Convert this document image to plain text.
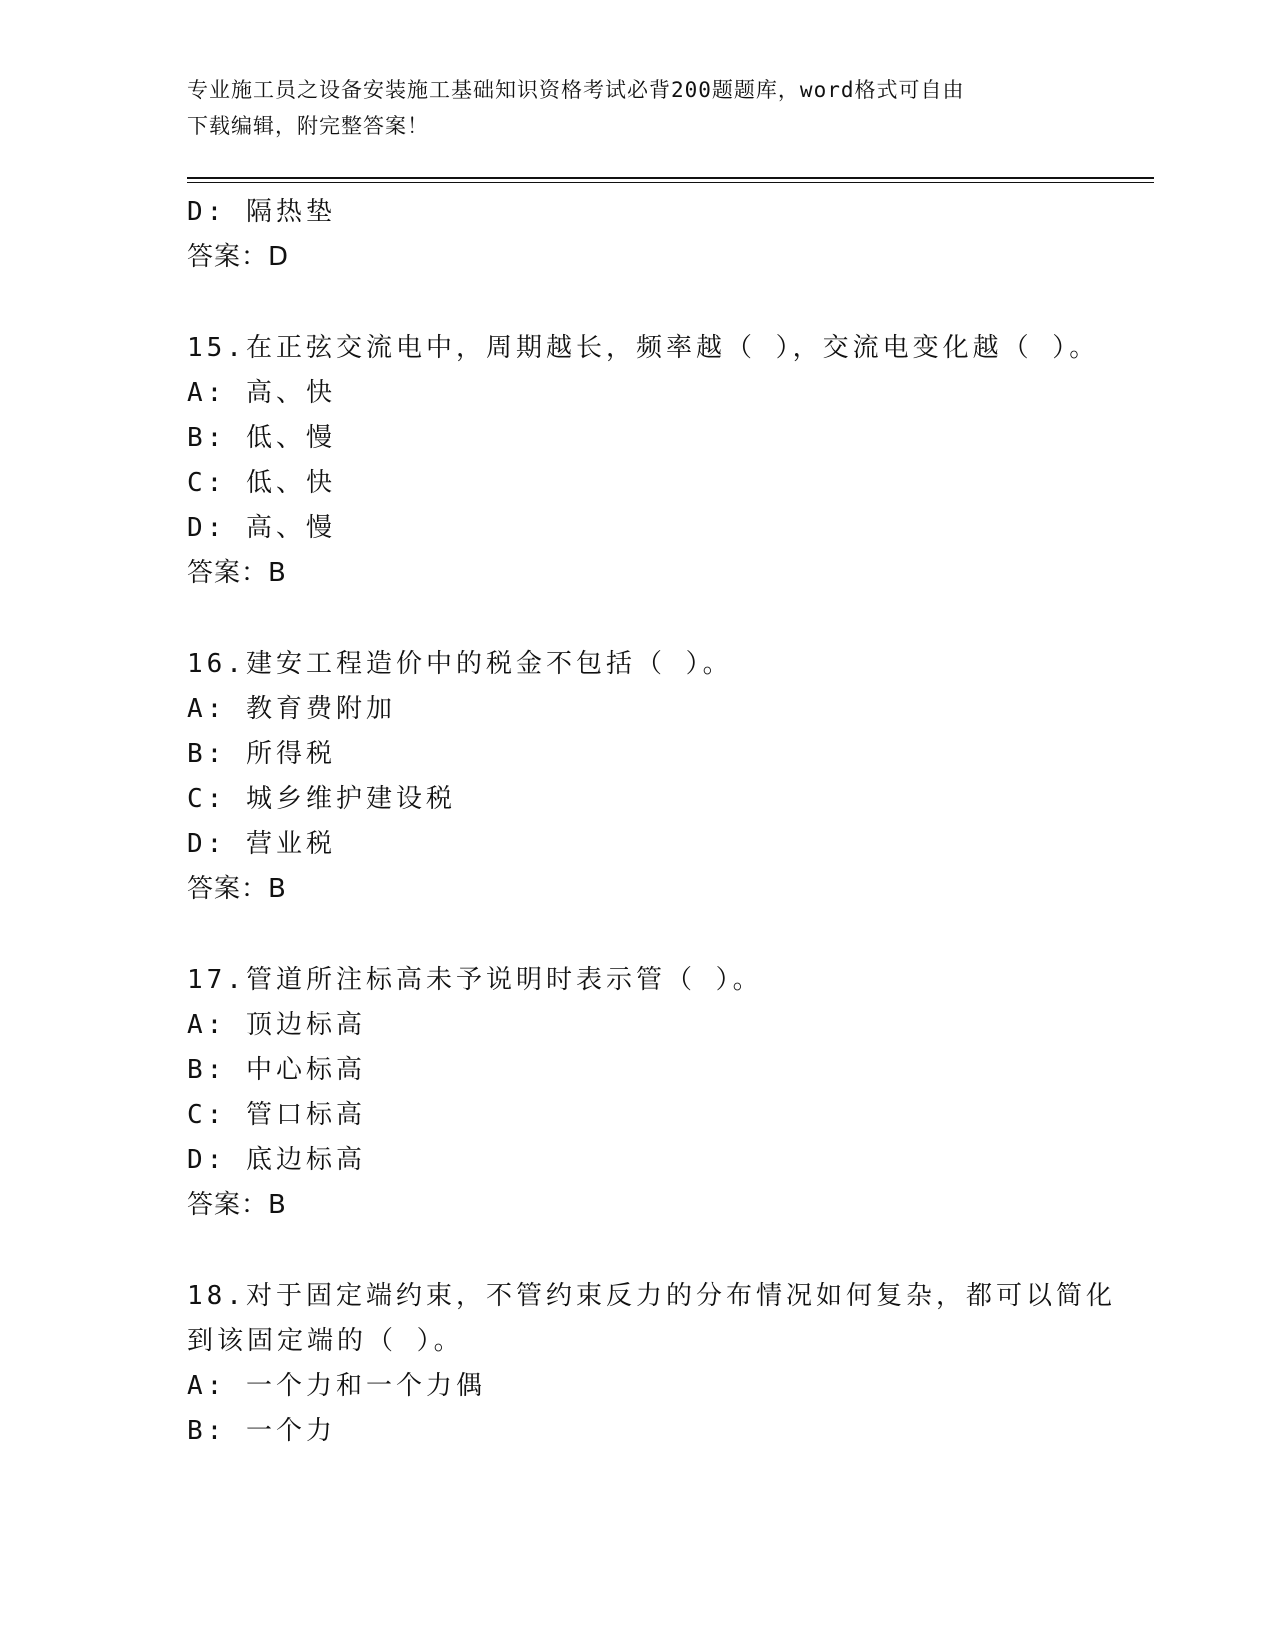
专业施工员之设备安装施工基础知识资格考试必背200题题库，word格式可自由
下载编辑，附完整答案！
D: 隔热垫
答案：D
15.在正弦交流电中，周期越长，频率越（ ），交流电变化越（ ）。
A: 高、快
B: 低、慢
C: 低、快
D: 高、慢
答案：B
16.建安工程造价中的税金不包括（ ）。
A: 教育费附加
B: 所得税
C: 城乡维护建设税
D: 营业税
答案：B
17.管道所注标高未予说明时表示管（ ）。
A: 顶边标高
B: 中心标高
C: 管口标高
D: 底边标高
答案：B
18.对于固定端约束，不管约束反力的分布情况如何复杂，都可以简化
到该固定端的（ ）。
A: 一个力和一个力偶
B: 一个力
